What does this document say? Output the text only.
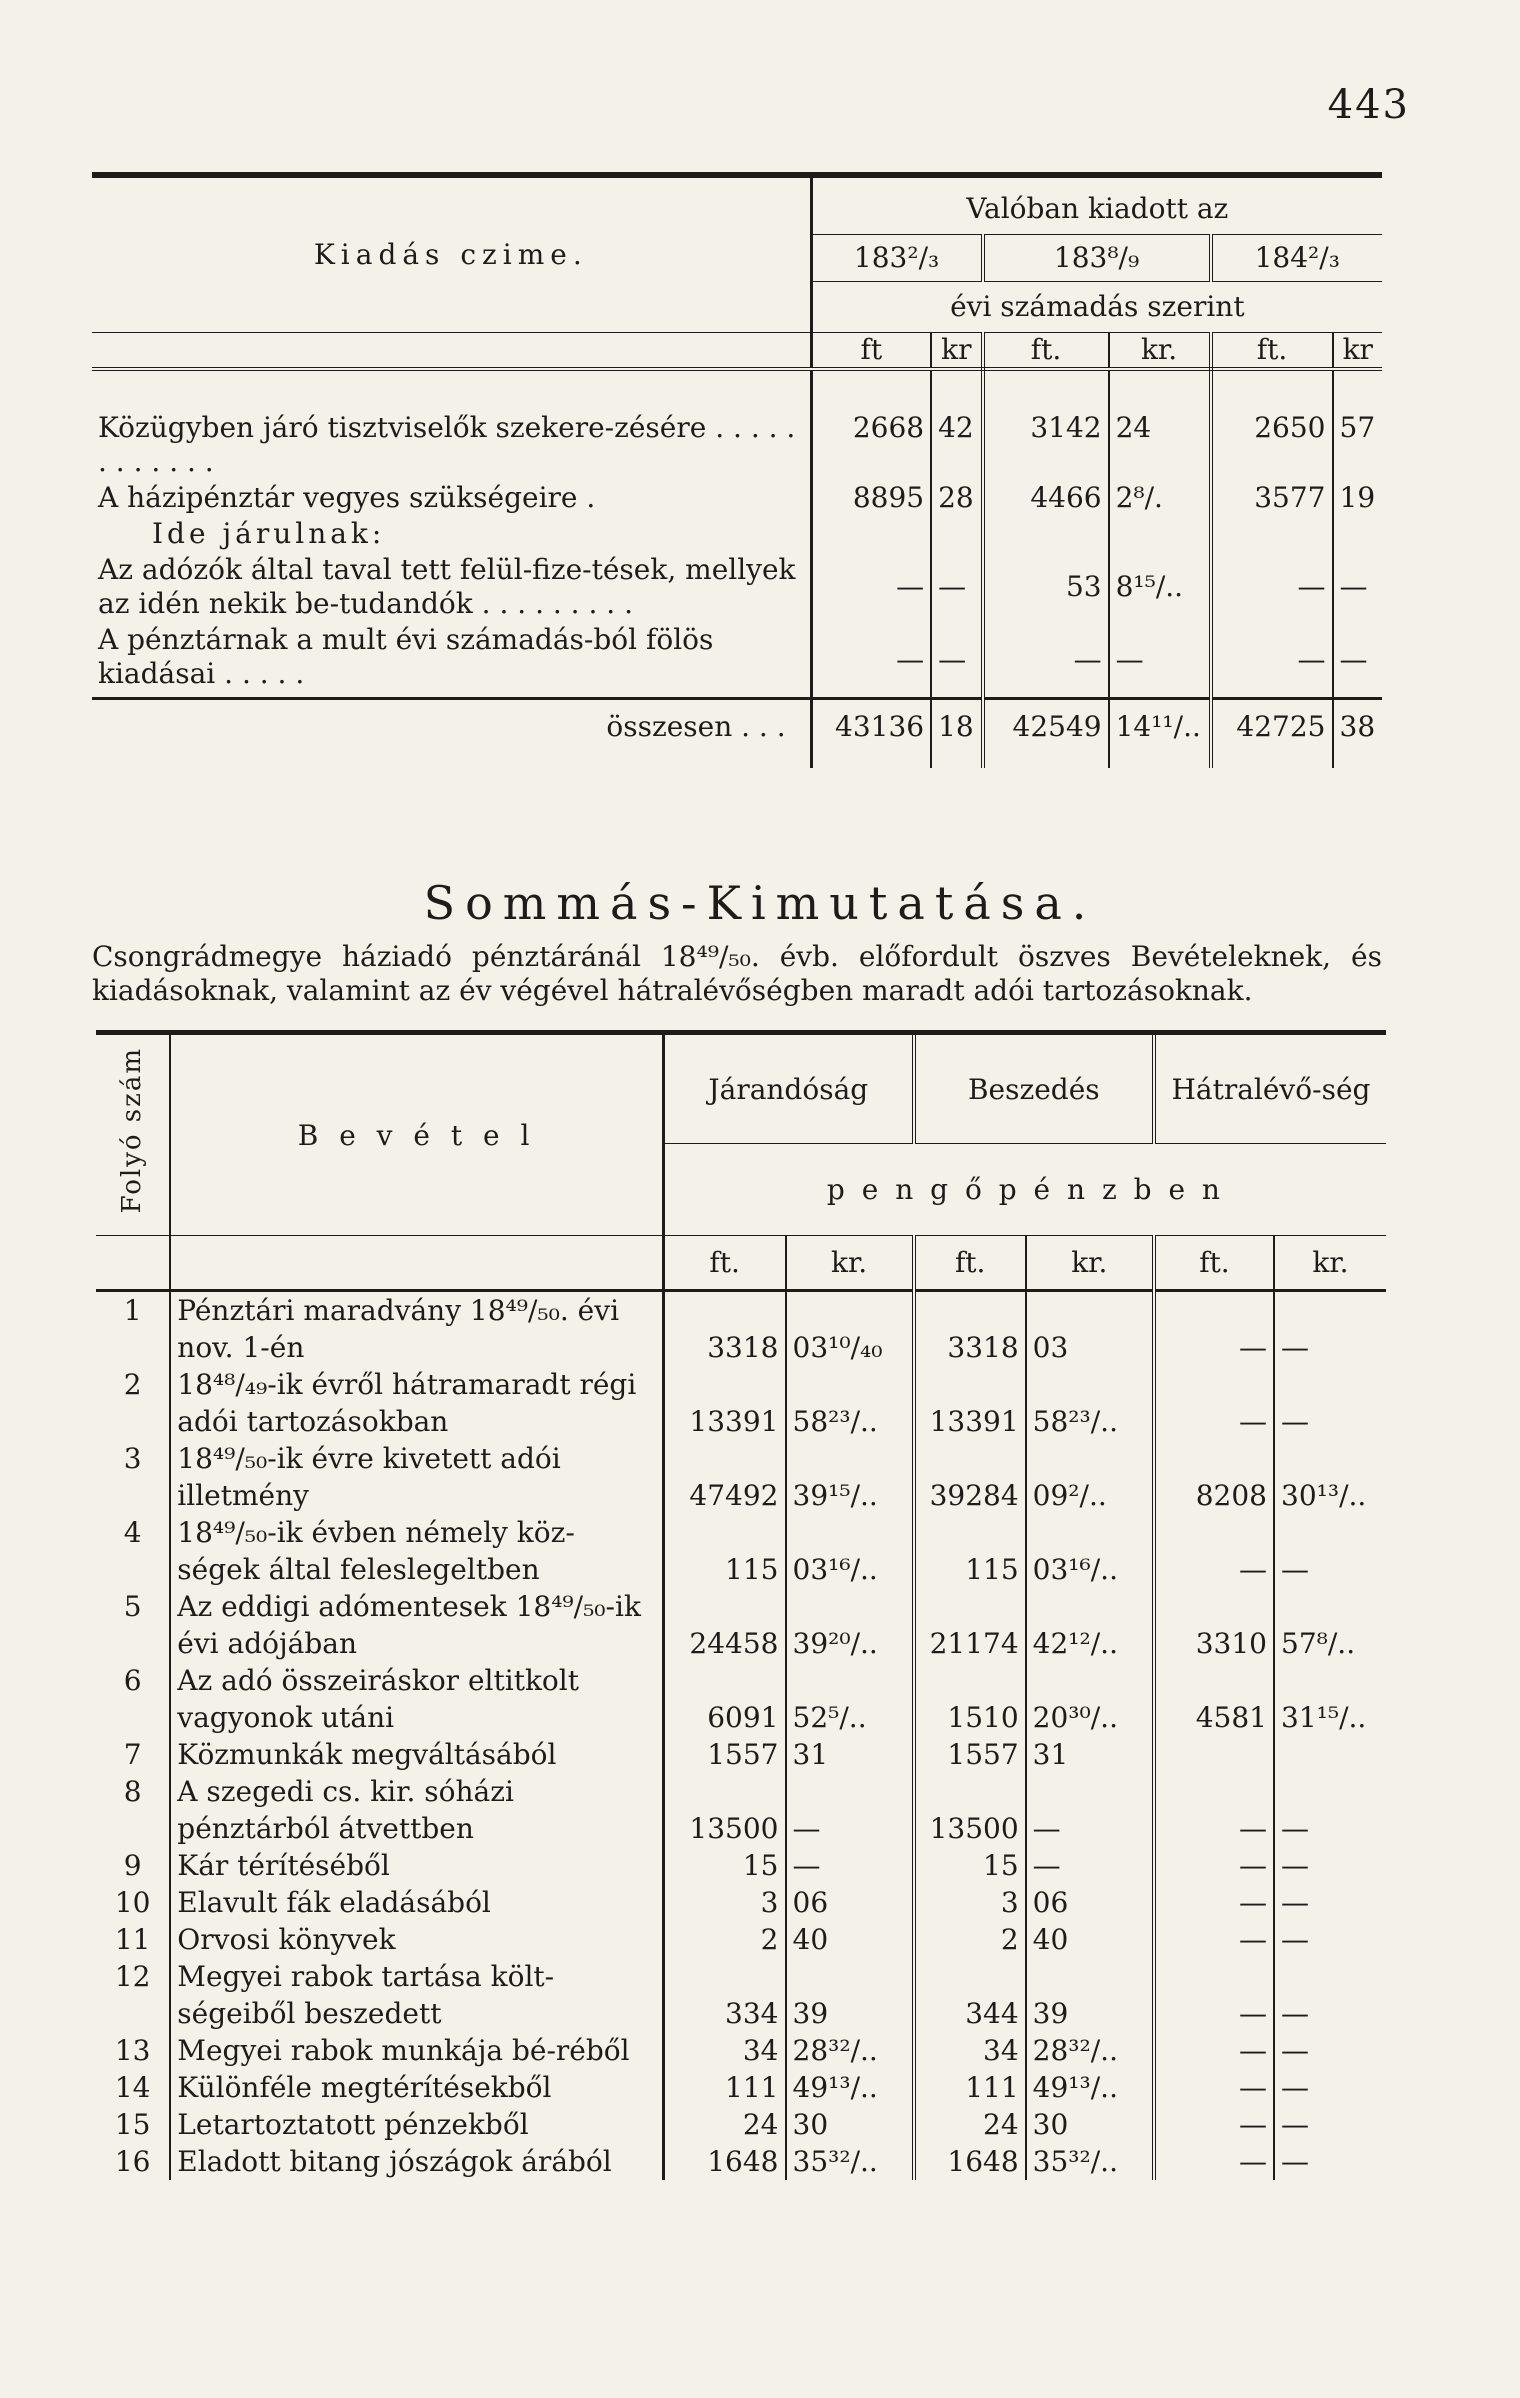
443
Kiadás czime.	Valóban kiadott az					
	183²/₃		183⁸/₉		184²/₃	
	évi számadás szerint					
	ft	kr	ft.	kr.	ft.	kr
Közügyben járó tisztviselők szekere-zésére . . . . . . . . . . . .	2668	42	3142	24	2650	57
A házipénztár vegyes szükségeire .	8895	28	4466	2⁸/.	3577	19
Ide járulnak:						
Az adózók által taval tett felül-fize-tések, mellyek az idén nekik be-tudandók . . . . . . . . .	—	—	53	8¹⁵/..	—	—
A pénztárnak a mult évi számadás-ból fölös kiadásai . . . . .	—	—	—	—	—	—
összesen . . .	43136	18	42549	14¹¹/..	42725	38
Sommás-Kimutatása.
Csongrádmegye háziadó pénztáránál 18⁴⁹/₅₀. évb. előfordult öszves Bevételeknek, és kiadásoknak, valamint az év végével hátralévőségben maradt adói tartozásoknak.
Folyó szám	B e v é t e l	Járandóság		Beszedés		Hátralévő-ség	
		p e n g ő p é n z b e n					
		ft.	kr.	ft.	kr.	ft.	kr.
1	Pénztári maradvány 18⁴⁹/₅₀. évi nov. 1-én	3318	03¹⁰/₄₀	3318	03	—	—
2	18⁴⁸/₄₉-ik évről hátramaradt régi adói tartozásokban	13391	58²³/..	13391	58²³/..	—	—
3	18⁴⁹/₅₀-ik évre kivetett adói illetmény	47492	39¹⁵/..	39284	09²/..	8208	30¹³/..
4	18⁴⁹/₅₀-ik évben némely köz-ségek által feleslegeltben	115	03¹⁶/..	115	03¹⁶/..	—	—
5	Az eddigi adómentesek 18⁴⁹/₅₀-ik évi adójában	24458	39²⁰/..	21174	42¹²/..	3310	57⁸/..
6	Az adó összeiráskor eltitkolt vagyonok utáni	6091	52⁵/..	1510	20³⁰/..	4581	31¹⁵/..
7	Közmunkák megváltásából	1557	31	1557	31		
8	A szegedi cs. kir. sóházi pénztárból átvettben	13500	—	13500	—	—	—
9	Kár térítéséből	15	—	15	—	—	—
10	Elavult fák eladásából	3	06	3	06	—	—
11	Orvosi könyvek	2	40	2	40	—	—
12	Megyei rabok tartása költ-ségeiből beszedett	334	39	344	39	—	—
13	Megyei rabok munkája bé-réből	34	28³²/..	34	28³²/..	—	—
14	Különféle megtérítésekből	111	49¹³/..	111	49¹³/..	—	—
15	Letartoztatott pénzekből	24	30	24	30	—	—
16	Eladott bitang jószágok árából	1648	35³²/..	1648	35³²/..	—	—
